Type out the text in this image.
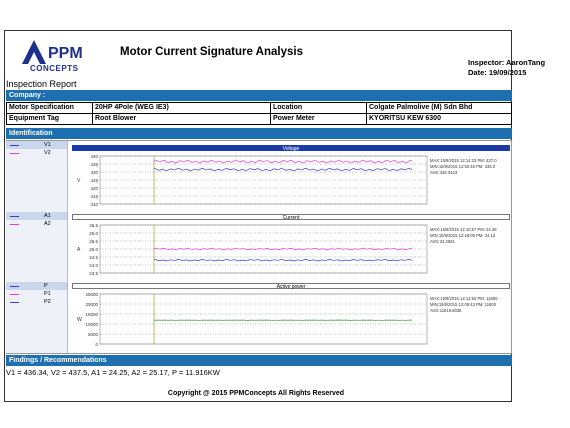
PPM
CONCEPTS
Motor Current Signature Analysis
Inspector: AaronTang
Date: 19/09/2015
Inspection Report
Company :
Motor Specification	20HP 4Pole (WEG IE3)	Location	Colgate Palmolive (M) Sdn Bhd
Equipment Tag	Root Blower	Power Meter	KYORITSU KEW 6300
Identification
V1
V2
A1
A2
P
P1
P2
Voltage
Current
Active power
440
435
430
425
420
415
410
V
MAX:15/9/2015 12:14:23 PM: 437.0
MIN:15/9/2015 12:50:45 PM: 435.0
AVG:436.3423
26.5
26.0
25.5
25.0
24.5
24.0
23.5
A
MAX:15/9/2015 12:10:57 PM: 24.38
MIN:15/9/2015 12:18:05 PM: 24.13
AVG:24.2561
25000
20000
15000
10000
5000
0
W
MAX:15/9/2015 12:12:50 PM: 11800
MIN:15/9/2015 12:09:43 PM: 11600
AVG:11916.8036
Findings / Recommendations
V1 = 436.34, V2 = 437.5, A1 = 24.25, A2 = 25.17, P = 11.916KW
Copyright @ 2015 PPMConcepts All Rights Reserved
